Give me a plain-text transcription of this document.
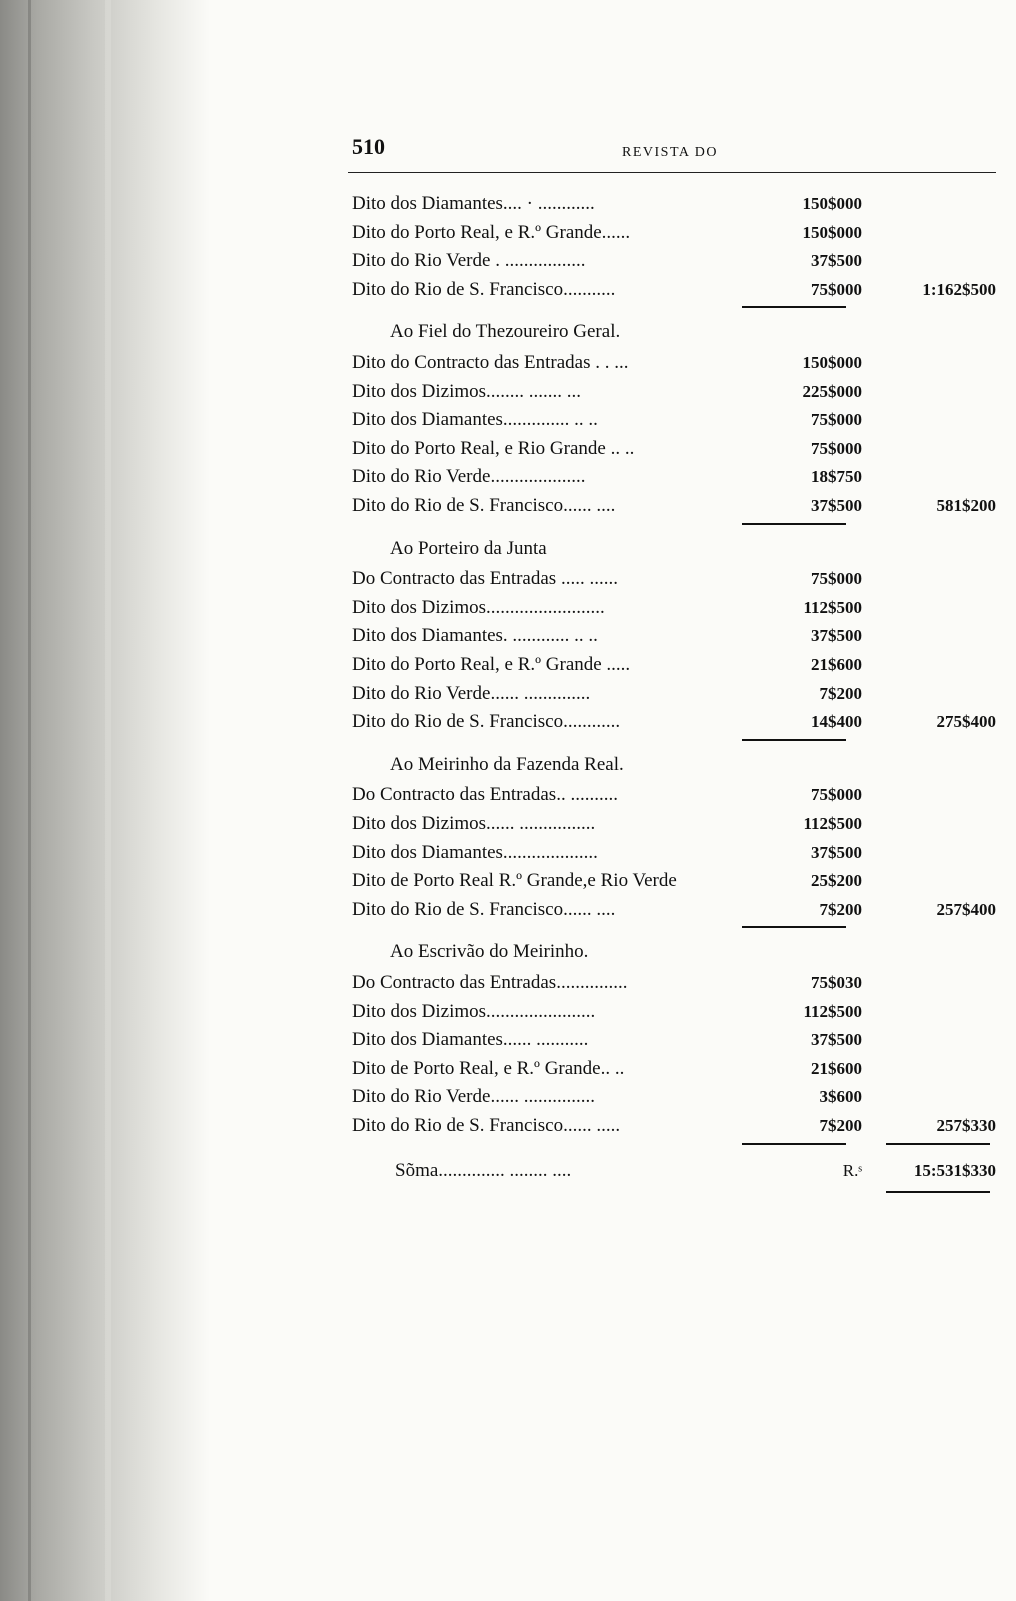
510	REVISTA DO
Dito dos Diamantes.... · ............	150$000
Dito do Porto Real, e R.º Grande......	150$000
Dito do Rio Verde . .................	37$500
Dito do Rio de S. Francisco...........	75$000	1:162$500
Ao Fiel do Thezoureiro Geral.
Dito do Contracto das Entradas . . ...	150$000
Dito dos Dizimos........ ....... ...	225$000
Dito dos Diamantes.............. .. ..	75$000
Dito do Porto Real, e Rio Grande .. ..	75$000
Dito do Rio Verde....................	18$750
Dito do Rio de S. Francisco...... ....	37$500	581$200
Ao Porteiro da Junta
Do Contracto das Entradas ..... ......	75$000
Dito dos Dizimos.........................	112$500
Dito dos Diamantes. ............ .. ..	37$500
Dito do Porto Real, e R.º Grande .....	21$600
Dito do Rio Verde...... ..............	7$200
Dito do Rio de S. Francisco............	14$400	275$400
Ao Meirinho da Fazenda Real.
Do Contracto das Entradas.. ..........	75$000
Dito dos Dizimos...... ................	112$500
Dito dos Diamantes....................	37$500
Dito de Porto Real R.º Grande,e Rio Verde	25$200
Dito do Rio de S. Francisco...... ....	7$200	257$400
Ao Escrivão do Meirinho.
Do Contracto das Entradas...............	75$030
Dito dos Dizimos.......................	112$500
Dito dos Diamantes...... ...........	37$500
Dito de Porto Real, e R.º Grande.. ..	21$600
Dito do Rio Verde...... ...............	3$600
Dito do Rio de S. Francisco...... .....	7$200	257$330
Sõma.............. ........ ....	R.ˢ	15:531$330
